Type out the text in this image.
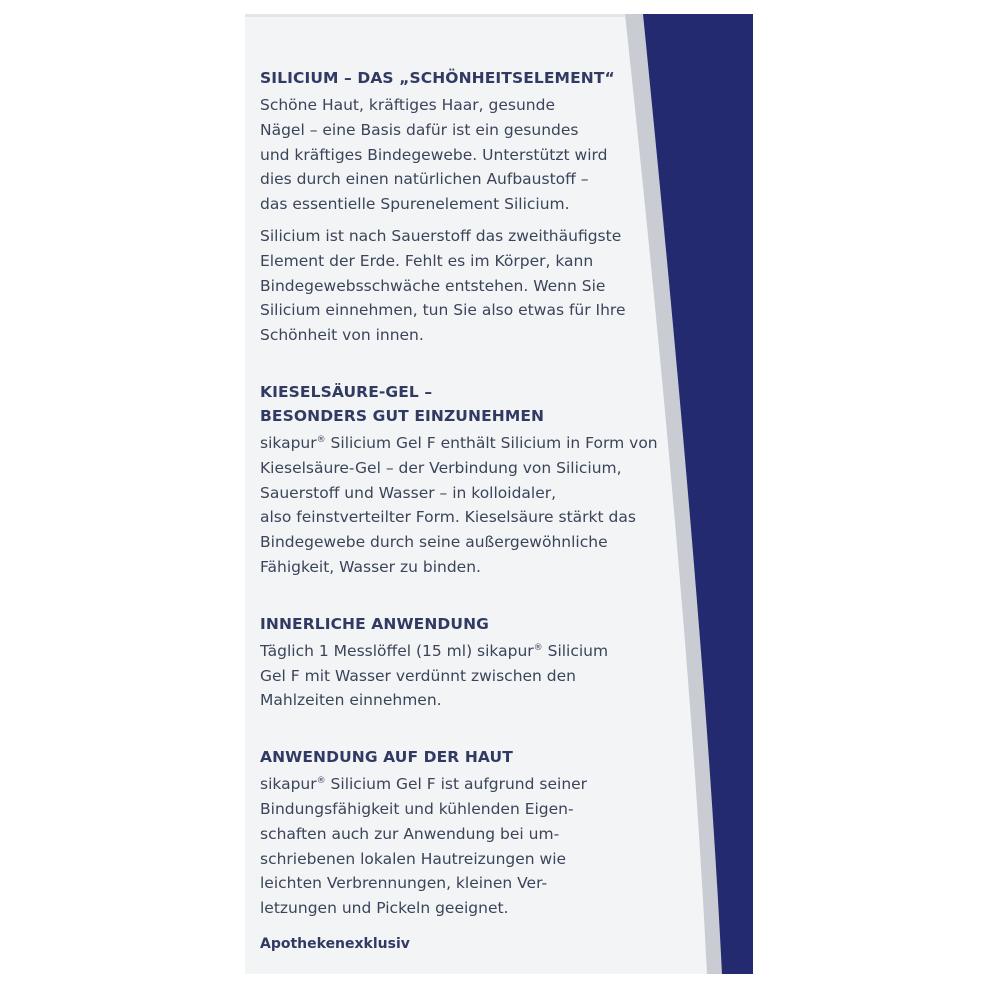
SILICIUM – DAS „SCHÖNHEITSELEMENT“

Schöne Haut, kräftiges Haar, gesunde
Nägel – eine Basis dafür ist ein gesundes
und kräftiges Bindegewebe. Unterstützt wird
dies durch einen natürlichen Aufbaustoff –
das essentielle Spurenelement Silicium.

Silicium ist nach Sauerstoff das zweithäufigste
Element der Erde. Fehlt es im Körper, kann
Bindegewebsschwäche entstehen. Wenn Sie
Silicium einnehmen, tun Sie also etwas für Ihre
Schönheit von innen.

KIESELSÄURE-GEL –
BESONDERS GUT EINZUNEHMEN

sikapur® Silicium Gel F enthält Silicium in Form von
Kieselsäure-Gel – der Verbindung von Silicium,
Sauerstoff und Wasser – in kolloidaler,
also feinstverteilter Form. Kieselsäure stärkt das
Bindegewebe durch seine außergewöhnliche
Fähigkeit, Wasser zu binden.

INNERLICHE ANWENDUNG

Täglich 1 Messlöffel (15 ml) sikapur® Silicium
Gel F mit Wasser verdünnt zwischen den
Mahlzeiten einnehmen.

ANWENDUNG AUF DER HAUT

sikapur® Silicium Gel F ist aufgrund seiner
Bindungsfähigkeit und kühlenden Eigen-
schaften auch zur Anwendung bei um-
schriebenen lokalen Hautreizungen wie
leichten Verbrennungen, kleinen Ver-
letzungen und Pickeln geeignet.

Apothekenexklusiv
